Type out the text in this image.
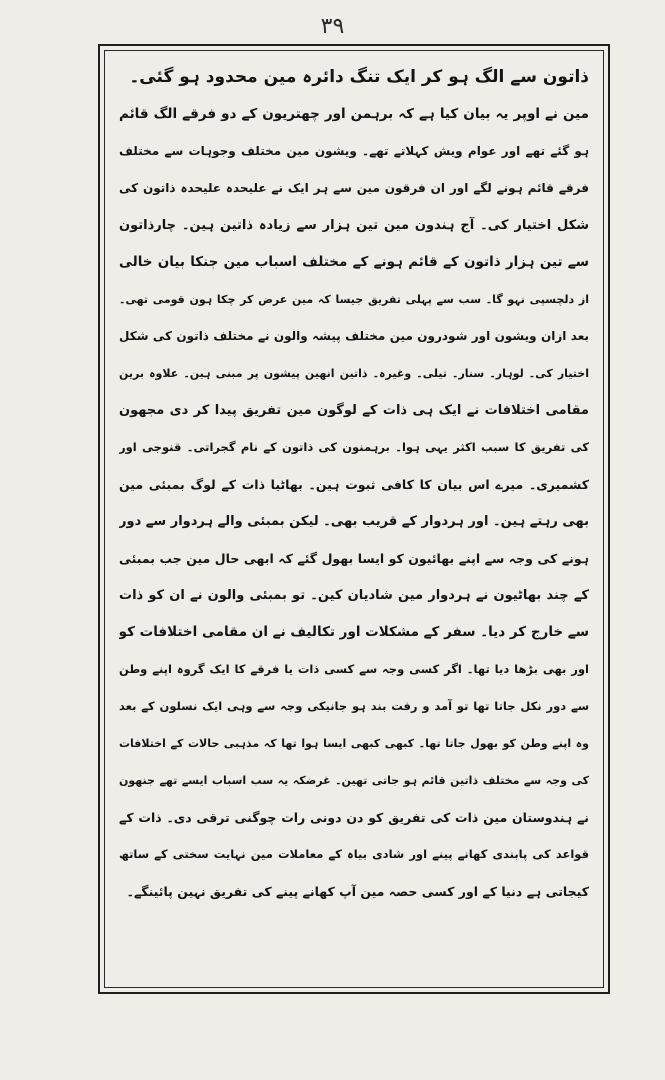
۳۹
ذاتون سے الگ ہو کر ایک تنگ دائرہ مین محدود ہو گئی۔
مین نے اوپر یہ بیان کیا ہے کہ برہمن اور چھتریون کے دو فرقے الگ قائم
ہو گئے تھے اور عوام ویش کہلاتے تھے۔ ویشون مین مختلف وجوہات سے مختلف
فرقے قائم ہونے لگے اور ان فرقون مین سے ہر ایک نے علیحدہ علیحدہ ذاتون کی
شکل اختیار کی۔ آج ہندون مین تین ہزار سے زیادہ ذاتین ہین۔ چارذاتون
سے تین ہزار ذاتون کے قائم ہونے کے مختلف اسباب مین جنکا بیان خالی
از دلچسپی نہو گا۔ سب سے پہلی تفریق جیسا کہ مین عرض کر چکا ہون قومی تھی۔
بعد ازان ویشون اور شودرون مین مختلف پیشہ والون نے مختلف ذاتون کی شکل
اختیار کی۔ لوہار۔ سنار۔ تیلی۔ وغیرہ۔ ذاتین انھین پیشون پر مبنی ہین۔ علاوہ برین
مقامی اختلافات نے ایک ہی ذات کے لوگون مین تفریق پیدا کر دی مجھون
کی تفریق کا سبب اکثر یہی ہوا۔ برہمنون کی ذاتون کے نام گجراتی۔ قنوجی اور
کشمیری۔ میرے اس بیان کا کافی ثبوت ہین۔ بھاٹیا ذات کے لوگ بمبئی مین
بھی رہتے ہین۔ اور ہردوار کے قریب بھی۔ لیکن بمبئی والے ہردوار سے دور
ہونے کی وجہ سے اپنے بھائیون کو ایسا بھول گئے کہ ابھی حال مین جب بمبئی
کے چند بھاٹیون نے ہردوار مین شادیان کین۔ تو بمبئی والون نے ان کو ذات
سے خارج کر دیا۔ سفر کے مشکلات اور تکالیف نے ان مقامی اختلافات کو
اور بھی بڑھا دیا تھا۔ اگر کسی وجہ سے کسی ذات یا فرقے کا ایک گروہ اپنے وطن
سے دور نکل جاتا تھا تو آمد و رفت بند ہو جانیکی وجہ سے وہی ایک نسلون کے بعد
وہ اپنے وطن کو بھول جاتا تھا۔ کبھی کبھی ایسا ہوا تھا کہ مذہبی حالات کے اختلافات
کی وجہ سے مختلف ذاتین قائم ہو جاتی تھین۔ غرضکہ یہ سب اسباب ایسے تھے جنھون
نے ہندوستان مین ذات کی تفریق کو دن دونی رات چوگنی ترقی دی۔ ذات کے
قواعد کی پابندی کھانے پینے اور شادی بیاہ کے معاملات مین نہایت سختی کے ساتھ
کیجاتی ہے دنیا کے اور کسی حصہ مین آپ کھانے پینے کی تفریق نہین پائینگے۔
